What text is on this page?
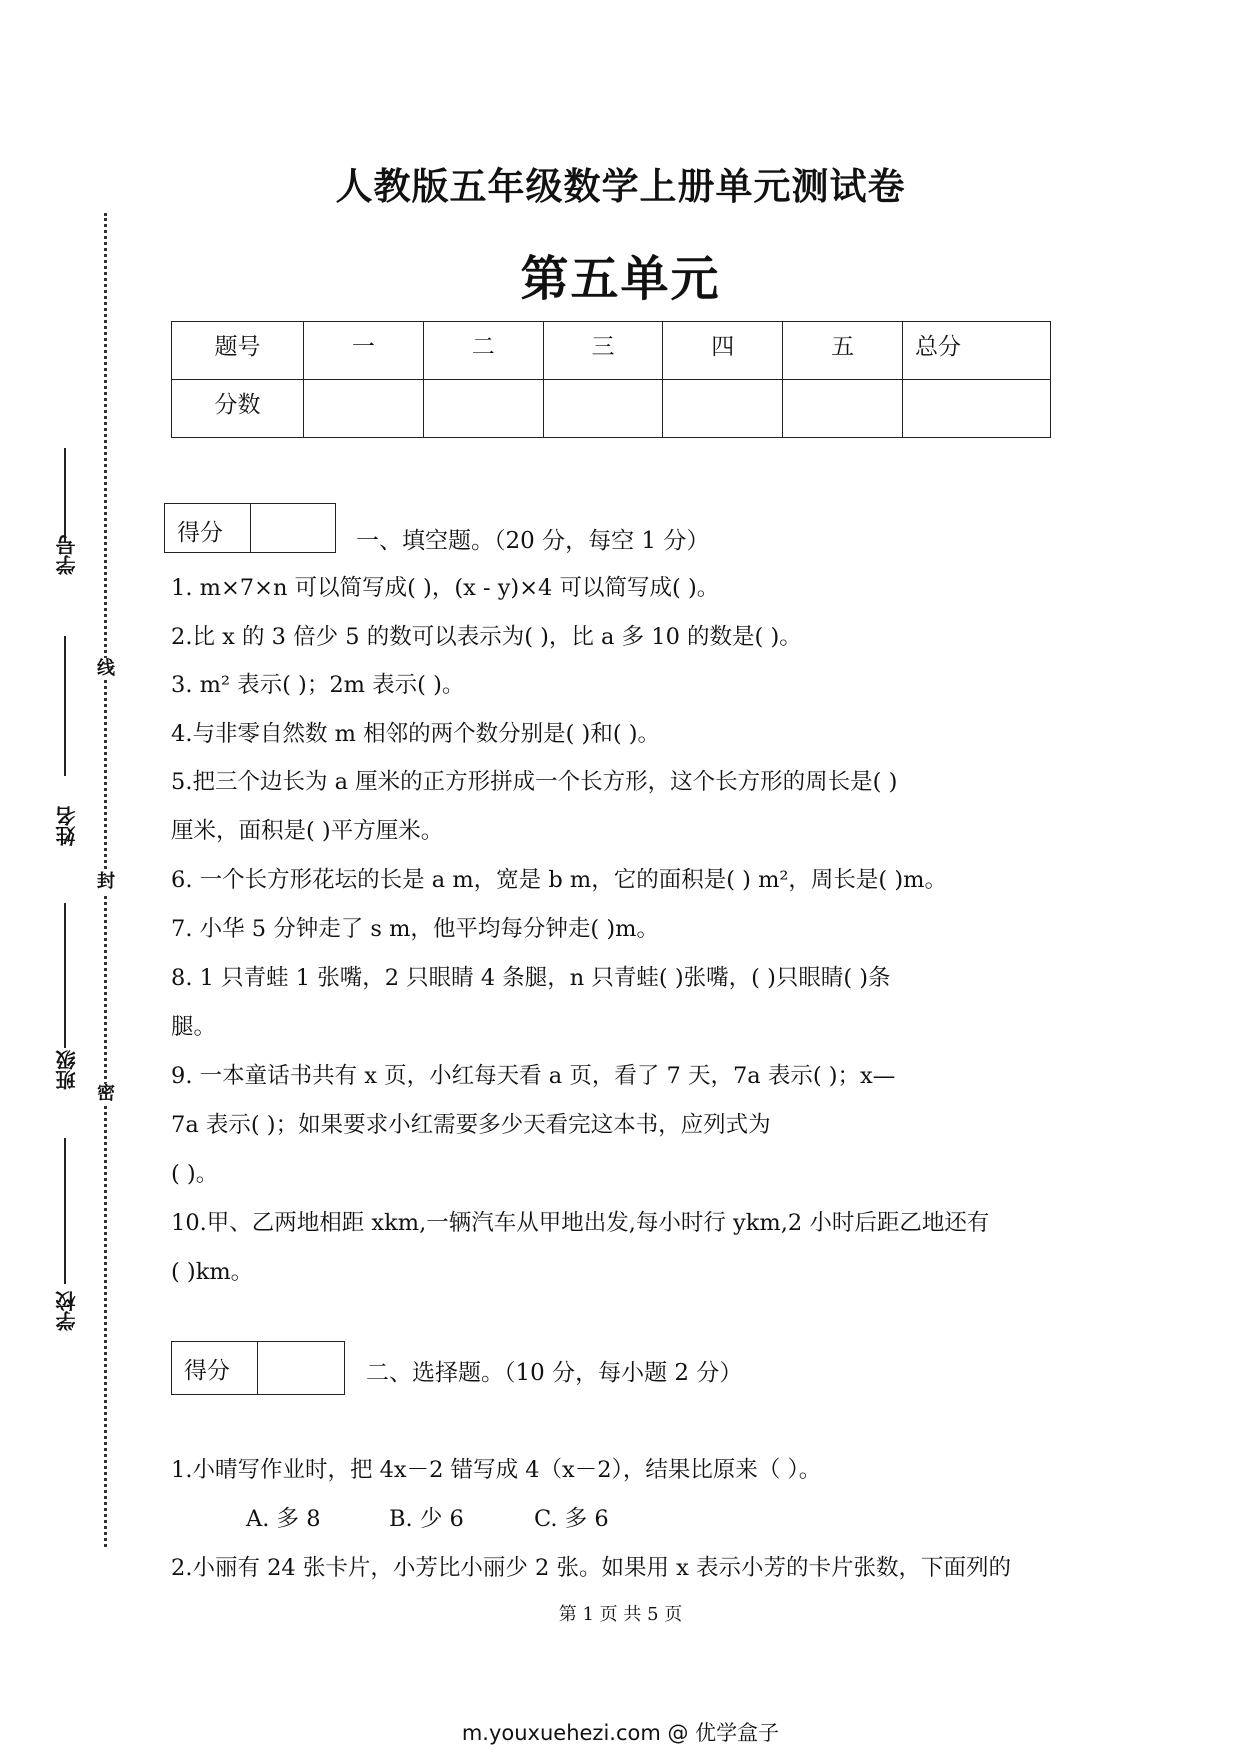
学号
姓名
班级
学校
线
封
密
人教版五年级数学上册单元测试卷
第五单元
题号	一	二	三	四	五	总分
分数						
得分	一、填空题。（20 分，每空 1 分）
1. m×7×n 可以简写成( )，(x - y)×4 可以简写成( )。
2.比 x 的 3 倍少 5 的数可以表示为( )，比 a 多 10 的数是( )。
3. m² 表示( )；2m 表示( )。
4.与非零自然数 m 相邻的两个数分别是( )和( )。
5.把三个边长为 a 厘米的正方形拼成一个长方形，这个长方形的周长是( )
厘米，面积是( )平方厘米。
6. 一个长方形花坛的长是 a m，宽是 b m，它的面积是( ) m²，周长是( )m。
7. 小华 5 分钟走了 s m，他平均每分钟走( )m。
8. 1 只青蛙 1 张嘴，2 只眼睛 4 条腿，n 只青蛙( )张嘴，( )只眼睛( )条
腿。
9. 一本童话书共有 x 页，小红每天看 a 页，看了 7 天，7a 表示( )；x—
7a 表示( )；如果要求小红需要多少天看完这本书，应列式为
( )。
10.甲、乙两地相距 xkm,一辆汽车从甲地出发,每小时行 ykm,2 小时后距乙地还有
( )km。
得分	二、选择题。（10 分，每小题 2 分）
1.小晴写作业时，把 4x－2 错写成 4（x－2），结果比原来（ ）。
A. 多 8	B. 少 6	C. 多 6
2.小丽有 24 张卡片，小芳比小丽少 2 张。如果用 x 表示小芳的卡片张数，下面列的
第 1 页 共 5 页
m.youxuehezi.com @ 优学盒子
